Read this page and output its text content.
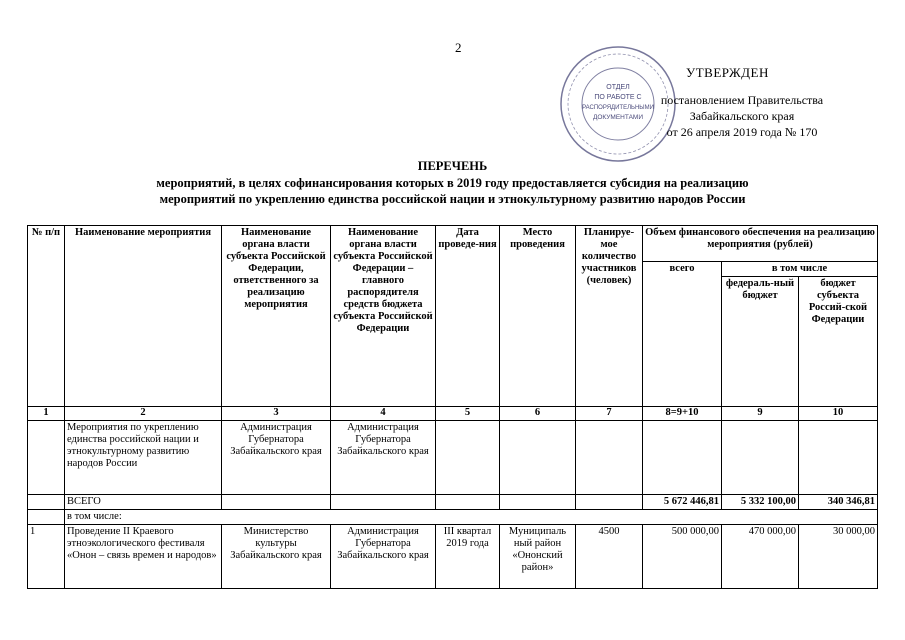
2
ОТДЕЛ
ПО РАБОТЕ С
РАСПОРЯДИТЕЛЬНЫМИ
ДОКУМЕНТАМИ
УТВЕРЖДЕН
постановлением Правительства
Забайкальского края
от 26 апреля 2019 года № 170
ПЕРЕЧЕНЬ
мероприятий, в целях софинансирования которых в 2019 году предоставляется субсидия на реализацию
мероприятий по укреплению единства российской нации и этнокультурному развитию народов России
№ п/п	Наименование мероприятия	Наименование органа власти субъекта Российской Федерации, ответственного за реализацию мероприятия	Наименование органа власти субъекта Российской Федерации – главного распорядителя средств бюджета субъекта Российской Федерации	Дата проведе-ния	Место проведения	Планируе-мое количество участников (человек)	Объем финансового обеспечения на реализацию мероприятия (рублей)		
							всего	в том числе	
								федераль-ный бюджет	бюджет субъекта Россий-ской Федерации
1	2	3	4	5	6	7	8=9+10	9	10
	Мероприятия по укреплению единства российской нации и этнокультурному развитию народов России	Администрация Губернатора Забайкальского края	Администрация Губернатора Забайкальского края						
	ВСЕГО						5 672 446,81	5 332 100,00	340 346,81
	в том числе:								
1	Проведение II Краевого этноэкологического фестиваля «Онон – связь времен и народов»	Министерство культуры Забайкальского края	Администрация Губернатора Забайкальского края	III квартал 2019 года	Муниципаль ный район «Ононский район»	4500	500 000,00	470 000,00	30 000,00
